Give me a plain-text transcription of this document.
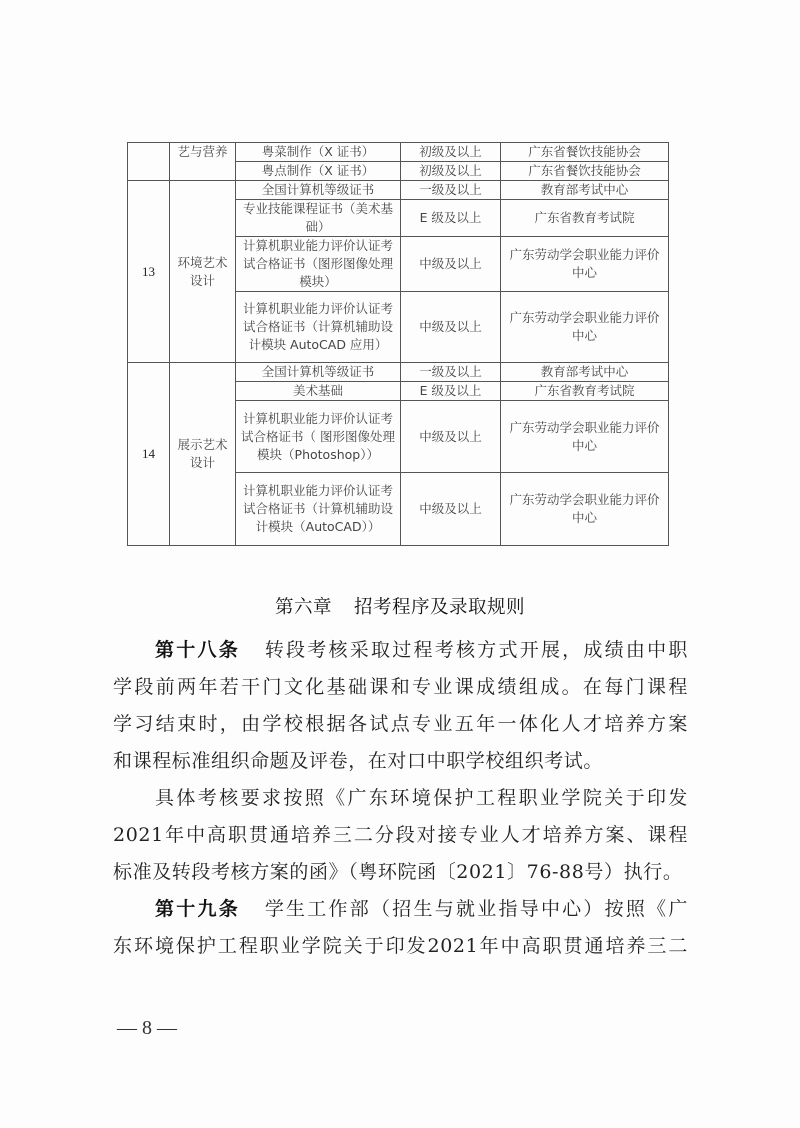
	艺与营养	粤菜制作（X 证书）	初级及以上	广东省餐饮技能协会
		粤点制作（X 证书）	初级及以上	广东省餐饮技能协会
13	环境艺术设计	全国计算机等级证书	一级及以上	教育部考试中心
		专业技能课程证书（美术基础）	E 级及以上	广东省教育考试院
		计算机职业能力评价认证考试合格证书（图形图像处理模块）	中级及以上	广东劳动学会职业能力评价中心
		计算机职业能力评价认证考试合格证书（计算机辅助设计模块 AutoCAD 应用）	中级及以上	广东劳动学会职业能力评价中心
14	展示艺术设计	全国计算机等级证书	一级及以上	教育部考试中心
		美术基础	E 级及以上	广东省教育考试院
		计算机职业能力评价认证考试合格证书（ 图形图像处理模块（Photoshop））	中级及以上	广东劳动学会职业能力评价中心
		计算机职业能力评价认证考试合格证书（计算机辅助设计模块（AutoCAD））	中级及以上	广东劳动学会职业能力评价中心
第六章 招考程序及录取规则
第十八条 转段考核采取过程考核方式开展，成绩由中职
学段前两年若干门文化基础课和专业课成绩组成。在每门课程
学习结束时，由学校根据各试点专业五年一体化人才培养方案
和课程标准组织命题及评卷，在对口中职学校组织考试。
具体考核要求按照《广东环境保护工程职业学院关于印发
2021年中高职贯通培养三二分段对接专业人才培养方案、课程
标准及转段考核方案的函》（粤环院函〔2021〕76-88号）执行。
第十九条 学生工作部（招生与就业指导中心）按照《广
东环境保护工程职业学院关于印发2021年中高职贯通培养三二
— 8 —
